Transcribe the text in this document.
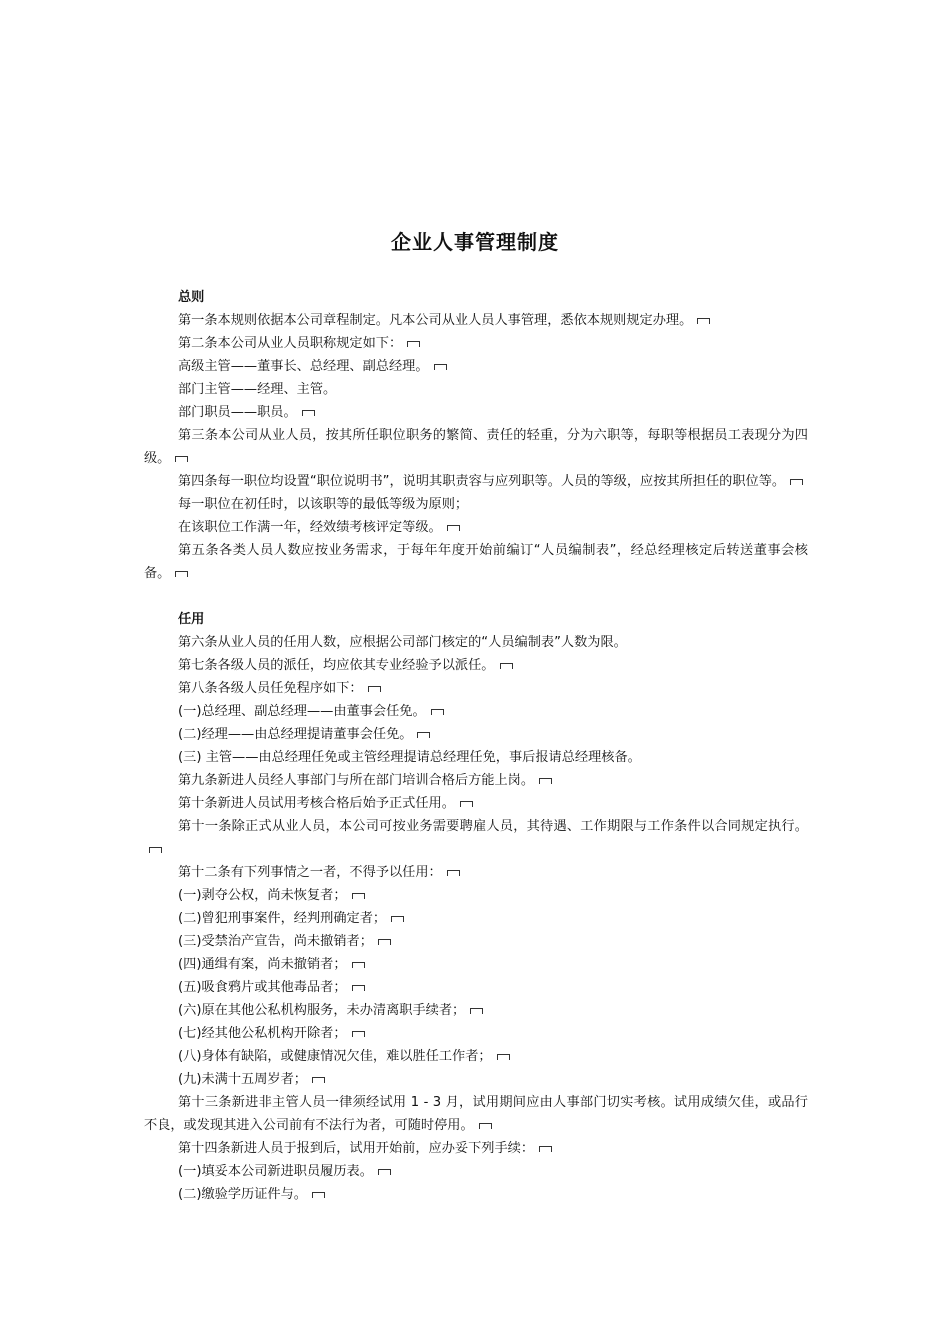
企业人事管理制度

总则

第一条本规则依据本公司章程制定。凡本公司从业人员人事管理，悉依本规则规定办理。

第二条本公司从业人员职称规定如下：

高级主管——董事长、总经理、副总经理。

部门主管——经理、主管。

部门职员——职员。

第三条本公司从业人员，按其所任职位职务的繁简、责任的轻重，分为六职等，每职等根据员工表现分为四级。

第四条每一职位均设置“职位说明书”，说明其职责容与应列职等。人员的等级，应按其所担任的职位等。

每一职位在初任时，以该职等的最低等级为原则；

在该职位工作满一年，经效绩考核评定等级。

第五条各类人员人数应按业务需求，于每年年度开始前编订“人员编制表”，经总经理核定后转送董事会核备。

任用

第六条从业人员的任用人数，应根据公司部门核定的“人员编制表”人数为限。

第七条各级人员的派任，均应依其专业经验予以派任。

第八条各级人员任免程序如下：

(一)总经理、副总经理——由董事会任免。

(二)经理——由总经理提请董事会任免。

(三) 主管——由总经理任免或主管经理提请总经理任免，事后报请总经理核备。

第九条新进人员经人事部门与所在部门培训合格后方能上岗。

第十条新进人员试用考核合格后始予正式任用。

第十一条除正式从业人员，本公司可按业务需要聘雇人员，其待遇、工作期限与工作条件以合同规定执行。

第十二条有下列事情之一者，不得予以任用：

(一)剥夺公权，尚未恢复者；

(二)曾犯刑事案件，经判刑确定者；

(三)受禁治产宣告，尚未撤销者；

(四)通缉有案，尚未撤销者；

(五)吸食鸦片或其他毒品者；

(六)原在其他公私机构服务，未办清离职手续者；

(七)经其他公私机构开除者；

(八)身体有缺陷，或健康情况欠佳，难以胜任工作者；

(九)未满十五周岁者；

第十三条新进非主管人员一律须经试用 1 - 3 月，试用期间应由人事部门切实考核。试用成绩欠佳，或品行不良，或发现其进入公司前有不法行为者，可随时停用。

第十四条新进人员于报到后，试用开始前，应办妥下列手续：

(一)填妥本公司新进职员履历表。

(二)缴验学历证件与。
